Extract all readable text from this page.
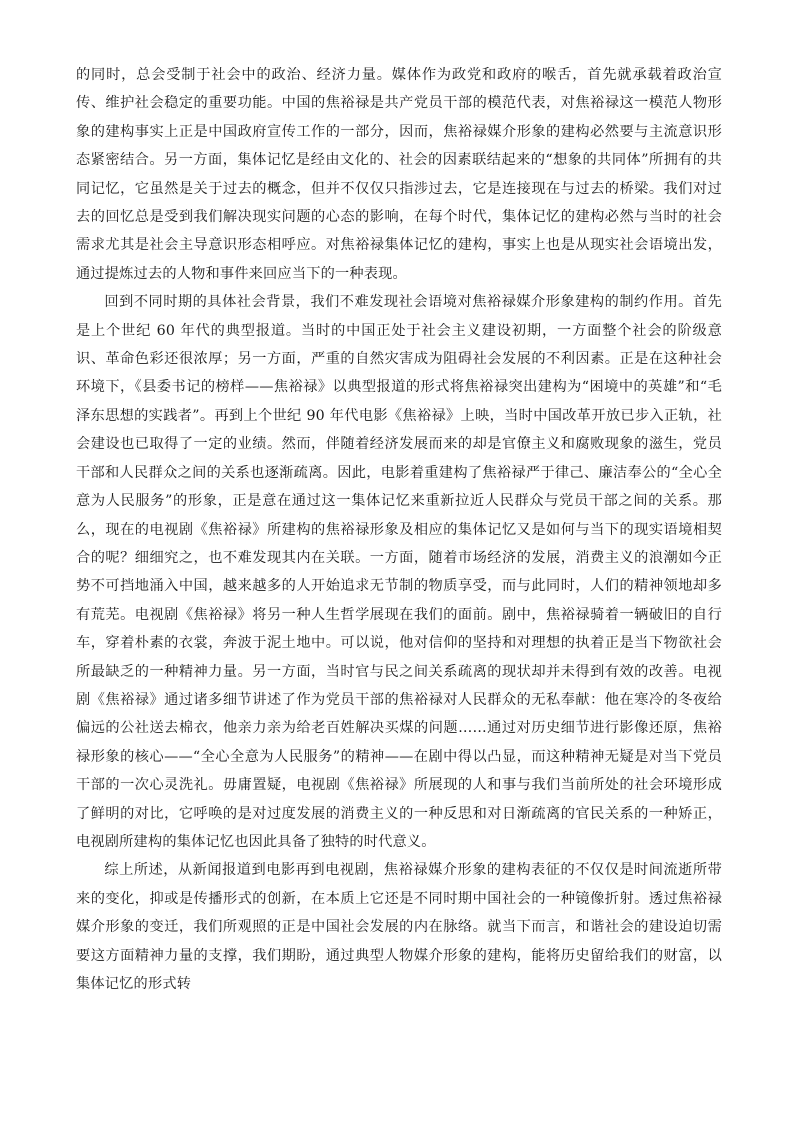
的同时，总会受制于社会中的政治、经济力量。媒体作为政党和政府的喉舌，首先就承载着政治宣传、维护社会稳定的重要功能。中国的焦裕禄是共产党员干部的模范代表，对焦裕禄这一模范人物形象的建构事实上正是中国政府宣传工作的一部分，因而，焦裕禄媒介形象的建构必然要与主流意识形态紧密结合。另一方面，集体记忆是经由文化的、社会的因素联结起来的“想象的共同体”所拥有的共同记忆，它虽然是关于过去的概念，但并不仅仅只指涉过去，它是连接现在与过去的桥梁。我们对过去的回忆总是受到我们解决现实问题的心态的影响，在每个时代，集体记忆的建构必然与当时的社会需求尤其是社会主导意识形态相呼应。对焦裕禄集体记忆的建构，事实上也是从现实社会语境出发，通过提炼过去的人物和事件来回应当下的一种表现。

回到不同时期的具体社会背景，我们不难发现社会语境对焦裕禄媒介形象建构的制约作用。首先是上个世纪 60 年代的典型报道。当时的中国正处于社会主义建设初期，一方面整个社会的阶级意识、革命色彩还很浓厚；另一方面，严重的自然灾害成为阻碍社会发展的不利因素。正是在这种社会环境下，《县委书记的榜样——焦裕禄》以典型报道的形式将焦裕禄突出建构为“困境中的英雄”和“毛泽东思想的实践者”。再到上个世纪 90 年代电影《焦裕禄》上映，当时中国改革开放已步入正轨，社会建设也已取得了一定的业绩。然而，伴随着经济发展而来的却是官僚主义和腐败现象的滋生，党员干部和人民群众之间的关系也逐渐疏离。因此，电影着重建构了焦裕禄严于律己、廉洁奉公的“全心全意为人民服务”的形象，正是意在通过这一集体记忆来重新拉近人民群众与党员干部之间的关系。那么，现在的电视剧《焦裕禄》所建构的焦裕禄形象及相应的集体记忆又是如何与当下的现实语境相契合的呢？细细究之，也不难发现其内在关联。一方面，随着市场经济的发展，消费主义的浪潮如今正势不可挡地涌入中国，越来越多的人开始追求无节制的物质享受，而与此同时，人们的精神领地却多有荒芜。电视剧《焦裕禄》将另一种人生哲学展现在我们的面前。剧中，焦裕禄骑着一辆破旧的自行车，穿着朴素的衣裳，奔波于泥土地中。可以说，他对信仰的坚持和对理想的执着正是当下物欲社会所最缺乏的一种精神力量。另一方面，当时官与民之间关系疏离的现状却并未得到有效的改善。电视剧《焦裕禄》通过诸多细节讲述了作为党员干部的焦裕禄对人民群众的无私奉献：他在寒冷的冬夜给偏远的公社送去棉衣，他亲力亲为给老百姓解决买煤的问题……通过对历史细节进行影像还原，焦裕禄形象的核心——“全心全意为人民服务”的精神——在剧中得以凸显，而这种精神无疑是对当下党员干部的一次心灵洗礼。毋庸置疑，电视剧《焦裕禄》所展现的人和事与我们当前所处的社会环境形成了鲜明的对比，它呼唤的是对过度发展的消费主义的一种反思和对日渐疏离的官民关系的一种矫正，电视剧所建构的集体记忆也因此具备了独特的时代意义。

综上所述，从新闻报道到电影再到电视剧，焦裕禄媒介形象的建构表征的不仅仅是时间流逝所带来的变化，抑或是传播形式的创新，在本质上它还是不同时期中国社会的一种镜像折射。透过焦裕禄媒介形象的变迁，我们所观照的正是中国社会发展的内在脉络。就当下而言，和谐社会的建设迫切需要这方面精神力量的支撑，我们期盼，通过典型人物媒介形象的建构，能将历史留给我们的财富，以集体记忆的形式转
